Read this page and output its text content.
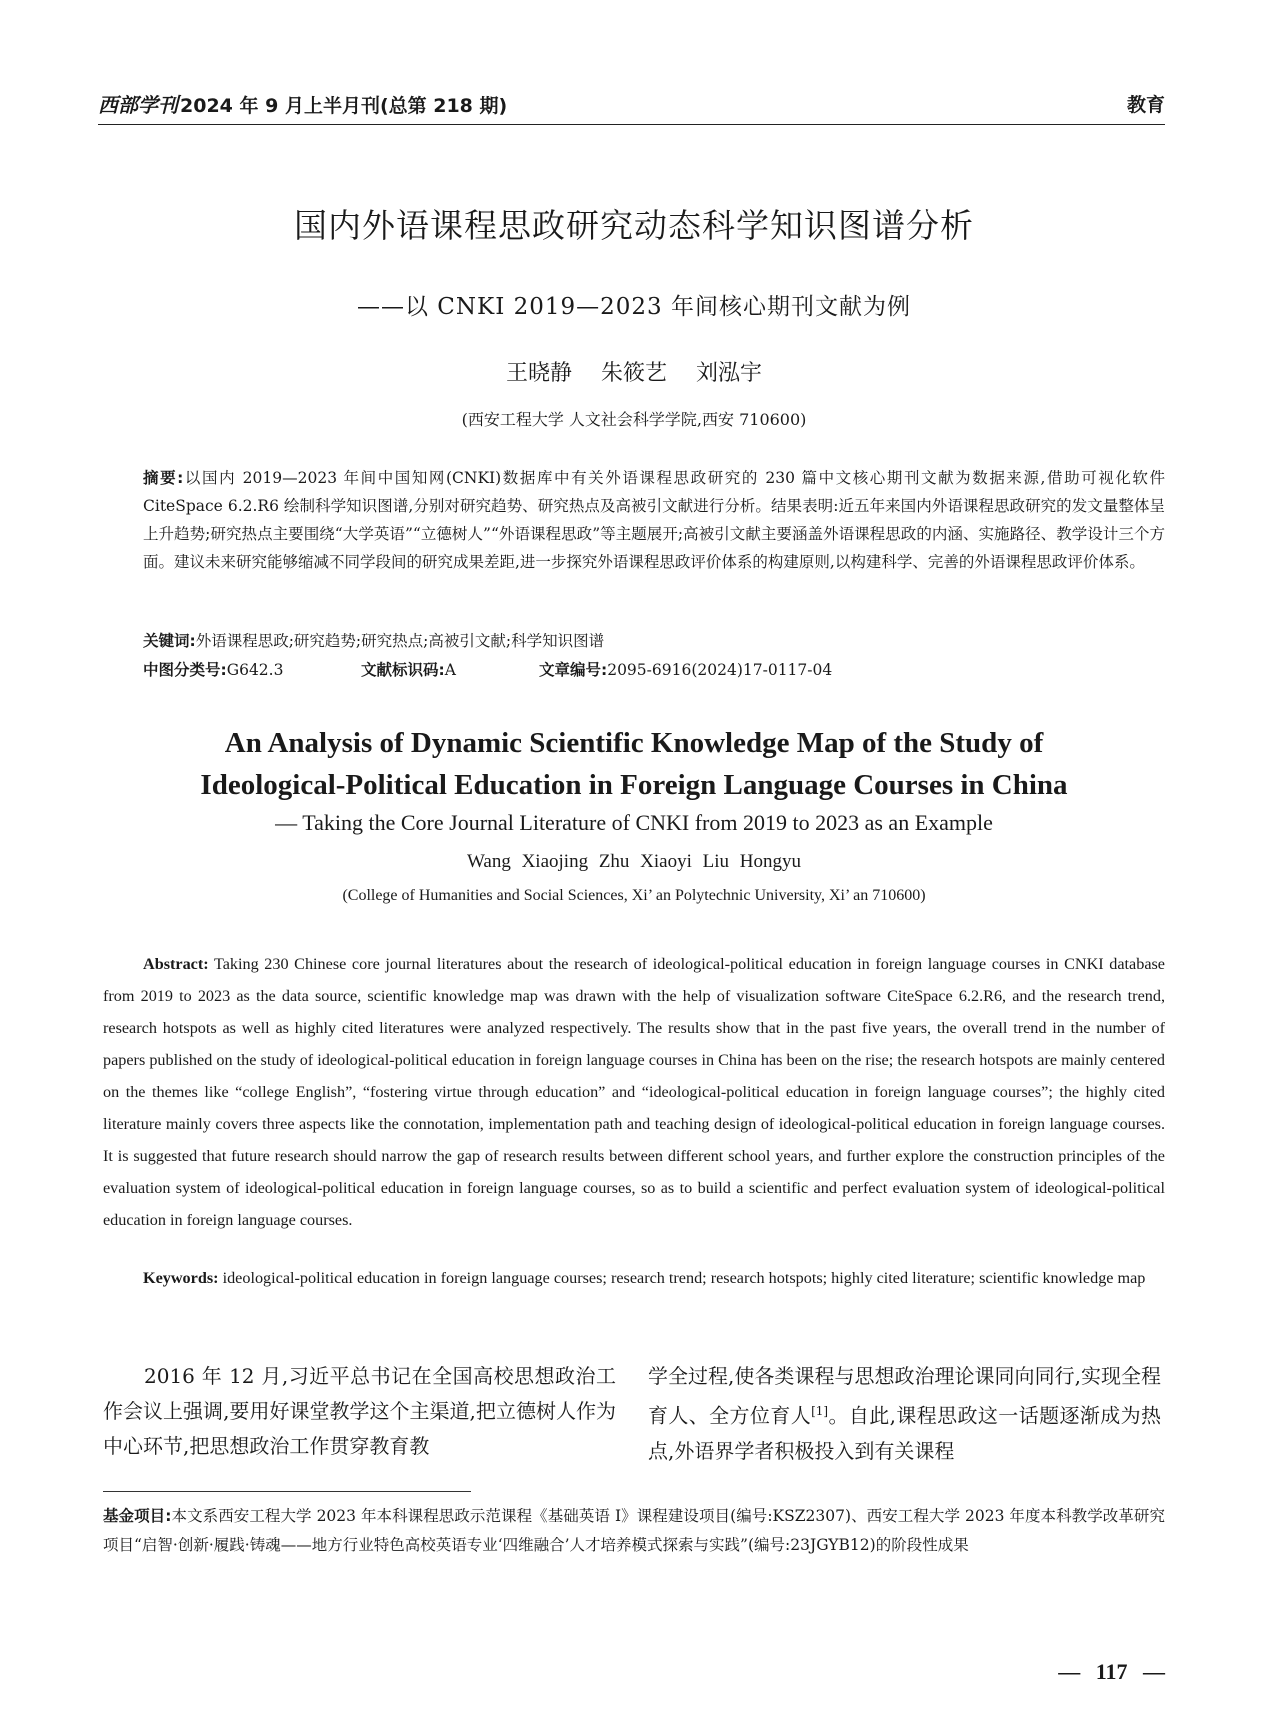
西部学刊 2024 年 9 月上半月刊(总第 218 期)	教育
国内外语课程思政研究动态科学知识图谱分析
——以 CNKI 2019—2023 年间核心期刊文献为例
王晓静 朱筱艺 刘泓宇
(西安工程大学 人文社会科学学院,西安 710600)
摘要:以国内 2019—2023 年间中国知网(CNKI)数据库中有关外语课程思政研究的 230 篇中文核心期刊文献为数据来源,借助可视化软件 CiteSpace 6.2.R6 绘制科学知识图谱,分别对研究趋势、研究热点及高被引文献进行分析。结果表明:近五年来国内外语课程思政研究的发文量整体呈上升趋势;研究热点主要围绕“大学英语”“立德树人”“外语课程思政”等主题展开;高被引文献主要涵盖外语课程思政的内涵、实施路径、教学设计三个方面。建议未来研究能够缩减不同学段间的研究成果差距,进一步探究外语课程思政评价体系的构建原则,以构建科学、完善的外语课程思政评价体系。
关键词:外语课程思政;研究趋势;研究热点;高被引文献;科学知识图谱
中图分类号:G642.3	文献标识码:A	文章编号:2095-6916(2024)17-0117-04
An Analysis of Dynamic Scientific Knowledge Map of the Study of
Ideological-Political Education in Foreign Language Courses in China
— Taking the Core Journal Literature of CNKI from 2019 to 2023 as an Example
Wang Xiaojing Zhu Xiaoyi Liu Hongyu
(College of Humanities and Social Sciences, Xi’ an Polytechnic University, Xi’ an 710600)
Abstract: Taking 230 Chinese core journal literatures about the research of ideological-political education in foreign language courses in CNKI database from 2019 to 2023 as the data source, scientific knowledge map was drawn with the help of visualization software CiteSpace 6.2.R6, and the research trend, research hotspots as well as highly cited literatures were analyzed respectively. The results show that in the past five years, the overall trend in the number of papers published on the study of ideological-political education in foreign language courses in China has been on the rise; the research hotspots are mainly centered on the themes like “college English”, “fostering virtue through education” and “ideological-political education in foreign language courses”; the highly cited literature mainly covers three aspects like the connotation, implementation path and teaching design of ideological-political education in foreign language courses. It is suggested that future research should narrow the gap of research results between different school years, and further explore the construction principles of the evaluation system of ideological-political education in foreign language courses, so as to build a scientific and perfect evaluation system of ideological-political education in foreign language courses.
Keywords: ideological-political education in foreign language courses; research trend; research hotspots; highly cited literature; scientific knowledge map
2016 年 12 月,习近平总书记在全国高校思想政治工作会议上强调,要用好课堂教学这个主渠道,把立德树人作为中心环节,把思想政治工作贯穿教育教
学全过程,使各类课程与思想政治理论课同向同行,实现全程育人、全方位育人[1]。自此,课程思政这一话题逐渐成为热点,外语界学者积极投入到有关课程
基金项目:本文系西安工程大学 2023 年本科课程思政示范课程《基础英语 I》课程建设项目(编号:KSZ2307)、西安工程大学 2023 年度本科教学改革研究项目“启智·创新·履践·铸魂——地方行业特色高校英语专业‘四维融合’人才培养模式探索与实践”(编号:23JGYB12)的阶段性成果
— 117 —
